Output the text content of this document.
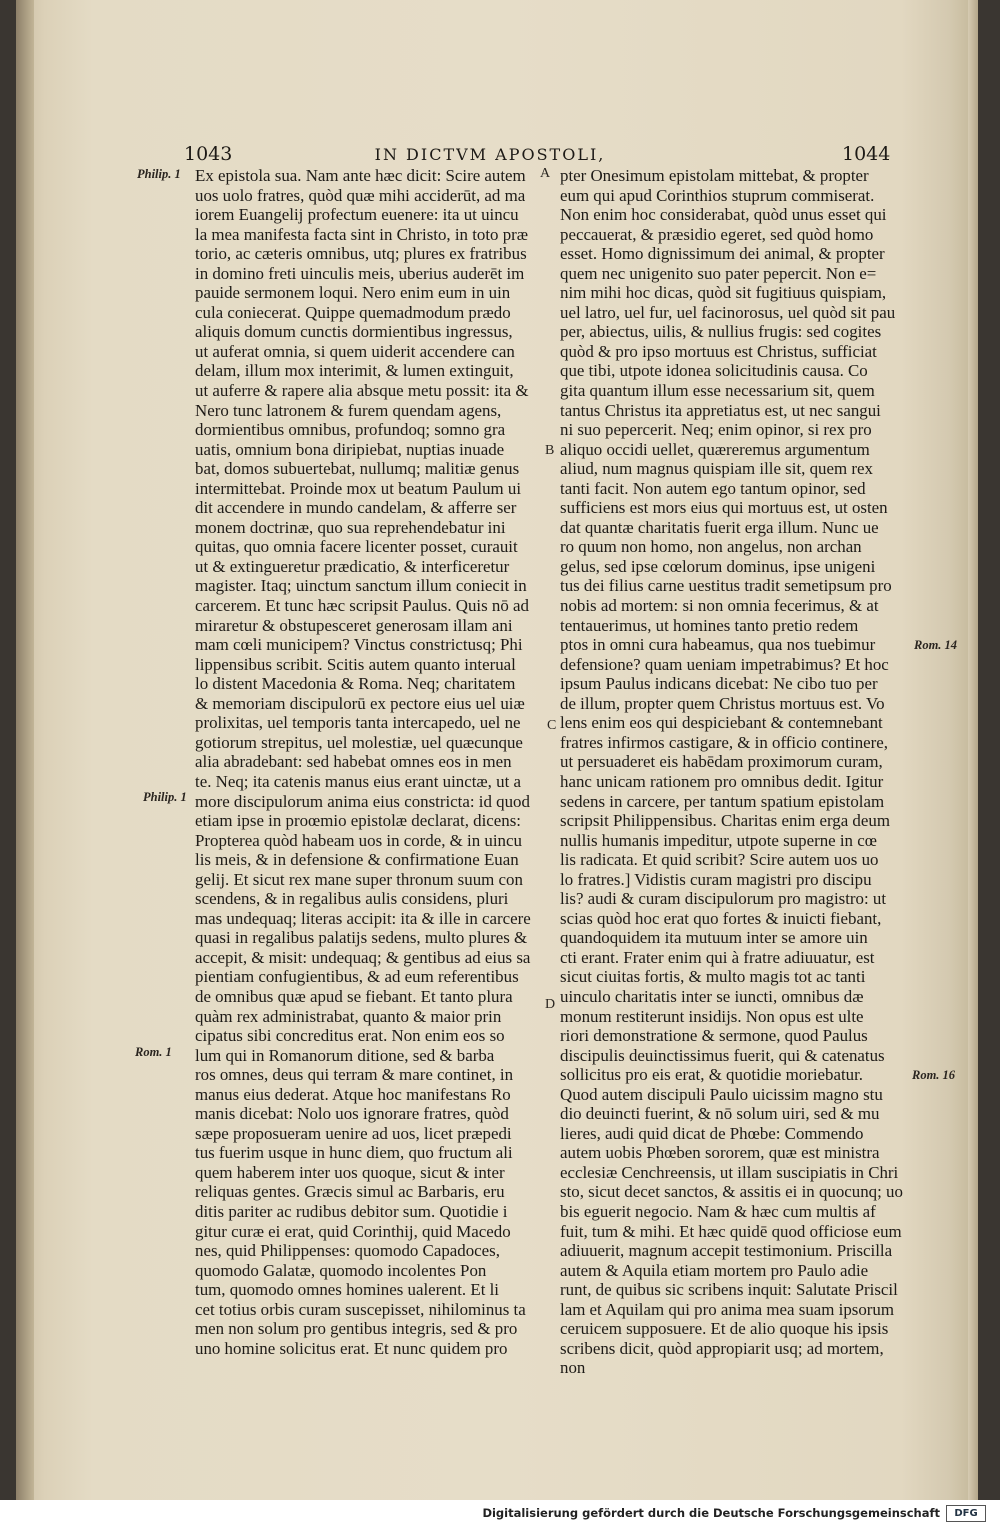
1043	IN DICTVM APOSTOLI,	1044
Philip. 1
Philip. 1
Rom. 1
Rom. 14
Rom. 16
A
B
C
D
Ex epistola sua. Nam ante hæc dicit: Scire autem
uos uolo fratres, quòd quæ mihi acciderūt, ad ma
iorem Euangelij profectum euenere: ita ut uincu
la mea manifesta facta sint in Christo, in toto præ
torio, ac cæteris omnibus, utq; plures ex fratribus
in domino freti uinculis meis, uberius auderēt im
pauide sermonem loqui. Nero enim eum in uin
cula coniecerat. Quippe quemadmodum prædo
aliquis domum cunctis dormientibus ingressus,
ut auferat omnia, si quem uiderit accendere can
delam, illum mox interimit, & lumen extinguit,
ut auferre & rapere alia absque metu possit: ita &
Nero tunc latronem & furem quendam agens,
dormientibus omnibus, profundoq; somno gra
uatis, omnium bona diripiebat, nuptias inuade
bat, domos subuertebat, nullumq; malitiæ genus
intermittebat. Proinde mox ut beatum Paulum ui
dit accendere in mundo candelam, & afferre ser
monem doctrinæ, quo sua reprehendebatur ini
quitas, quo omnia facere licenter posset, curauit
ut & extingueretur prædicatio, & interficeretur
magister. Itaq; uinctum sanctum illum coniecit in
carcerem. Et tunc hæc scripsit Paulus. Quis nō ad
miraretur & obstupesceret generosam illam ani
mam cœli municipem? Vinctus constrictusq; Phi
lippensibus scribit. Scitis autem quanto interual
lo distent Macedonia & Roma. Neq; charitatem
& memoriam discipulorū ex pectore eius uel uiæ
prolixitas, uel temporis tanta intercapedo, uel ne
gotiorum strepitus, uel molestiæ, uel quæcunque
alia abradebant: sed habebat omnes eos in men
te. Neq; ita catenis manus eius erant uinctæ, ut a
more discipulorum anima eius constricta: id quod
etiam ipse in proœmio epistolæ declarat, dicens:
Propterea quòd habeam uos in corde, & in uincu
lis meis, & in defensione & confirmatione Euan
gelij. Et sicut rex mane super thronum suum con
scendens, & in regalibus aulis considens, pluri
mas undequaq; literas accipit: ita & ille in carcere
quasi in regalibus palatijs sedens, multo plures &
accepit, & misit: undequaq; & gentibus ad eius sa
pientiam confugientibus, & ad eum referentibus
de omnibus quæ apud se fiebant. Et tanto plura
quàm rex administrabat, quanto & maior prin
cipatus sibi concreditus erat. Non enim eos so
lum qui in Romanorum ditione, sed & barba
ros omnes, deus qui terram & mare continet, in
manus eius dederat. Atque hoc manifestans Ro
manis dicebat: Nolo uos ignorare fratres, quòd
sæpe proposueram uenire ad uos, licet præpedi
tus fuerim usque in hunc diem, quo fructum ali
quem haberem inter uos quoque, sicut & inter
reliquas gentes. Græcis simul ac Barbaris, eru
ditis pariter ac rudibus debitor sum. Quotidie i
gitur curæ ei erat, quid Corinthij, quid Macedo
nes, quid Philippenses: quomodo Capadoces,
quomodo Galatæ, quomodo incolentes Pon
tum, quomodo omnes homines ualerent. Et li
cet totius orbis curam suscepisset, nihilominus ta
men non solum pro gentibus integris, sed & pro
uno homine solicitus erat. Et nunc quidem pro
pter Onesimum epistolam mittebat, & propter
eum qui apud Corinthios stuprum commiserat.
Non enim hoc considerabat, quòd unus esset qui
peccauerat, & præsidio egeret, sed quòd homo
esset. Homo dignissimum dei animal, & propter
quem nec unigenito suo pater pepercit. Non e=
nim mihi hoc dicas, quòd sit fugitiuus quispiam,
uel latro, uel fur, uel facinorosus, uel quòd sit pau
per, abiectus, uilis, & nullius frugis: sed cogites
quòd & pro ipso mortuus est Christus, sufficiat
que tibi, utpote idonea solicitudinis causa. Co
gita quantum illum esse necessarium sit, quem
tantus Christus ita appretiatus est, ut nec sangui
ni suo pepercerit. Neq; enim opinor, si rex pro
aliquo occidi uellet, quæreremus argumentum
aliud, num magnus quispiam ille sit, quem rex
tanti facit. Non autem ego tantum opinor, sed
sufficiens est mors eius qui mortuus est, ut osten
dat quantæ charitatis fuerit erga illum. Nunc ue
ro quum non homo, non angelus, non archan
gelus, sed ipse cœlorum dominus, ipse unigeni
tus dei filius carne uestitus tradit semetipsum pro
nobis ad mortem: si non omnia fecerimus, & at
tentauerimus, ut homines tanto pretio redem
ptos in omni cura habeamus, qua nos tuebimur
defensione? quam ueniam impetrabimus? Et hoc
ipsum Paulus indicans dicebat: Ne cibo tuo per
de illum, propter quem Christus mortuus est. Vo
lens enim eos qui despiciebant & contemnebant
fratres infirmos castigare, & in officio continere,
ut persuaderet eis habēdam proximorum curam,
hanc unicam rationem pro omnibus dedit. Igitur
sedens in carcere, per tantum spatium epistolam
scripsit Philippensibus. Charitas enim erga deum
nullis humanis impeditur, utpote superne in cœ
lis radicata. Et quid scribit? Scire autem uos uo
lo fratres.] Vidistis curam magistri pro discipu
lis? audi & curam discipulorum pro magistro: ut
scias quòd hoc erat quo fortes & inuicti fiebant,
quandoquidem ita mutuum inter se amore uin
cti erant. Frater enim qui à fratre adiuuatur, est
sicut ciuitas fortis, & multo magis tot ac tanti
uinculo charitatis inter se iuncti, omnibus dæ
monum restiterunt insidijs. Non opus est ulte
riori demonstratione & sermone, quod Paulus
discipulis deuinctissimus fuerit, qui & catenatus
sollicitus pro eis erat, & quotidie moriebatur.
Quod autem discipuli Paulo uicissim magno stu
dio deuincti fuerint, & nō solum uiri, sed & mu
lieres, audi quid dicat de Phœbe: Commendo
autem uobis Phœben sororem, quæ est ministra
ecclesiæ Cenchreensis, ut illam suscipiatis in Chri
sto, sicut decet sanctos, & assitis ei in quocunq; uo
bis eguerit negocio. Nam & hæc cum multis af
fuit, tum & mihi. Et hæc quidē quod officiose eum
adiuuerit, magnum accepit testimonium. Priscilla
autem & Aquila etiam mortem pro Paulo adie
runt, de quibus sic scribens inquit: Salutate Priscil
lam et Aquilam qui pro anima mea suam ipsorum
ceruicem supposuere. Et de alio quoque his ipsis
scribens dicit, quòd appropiarit usq; ad mortem,
non
Digitalisierung gefördert durch die Deutsche Forschungsgemeinschaft	DFG
